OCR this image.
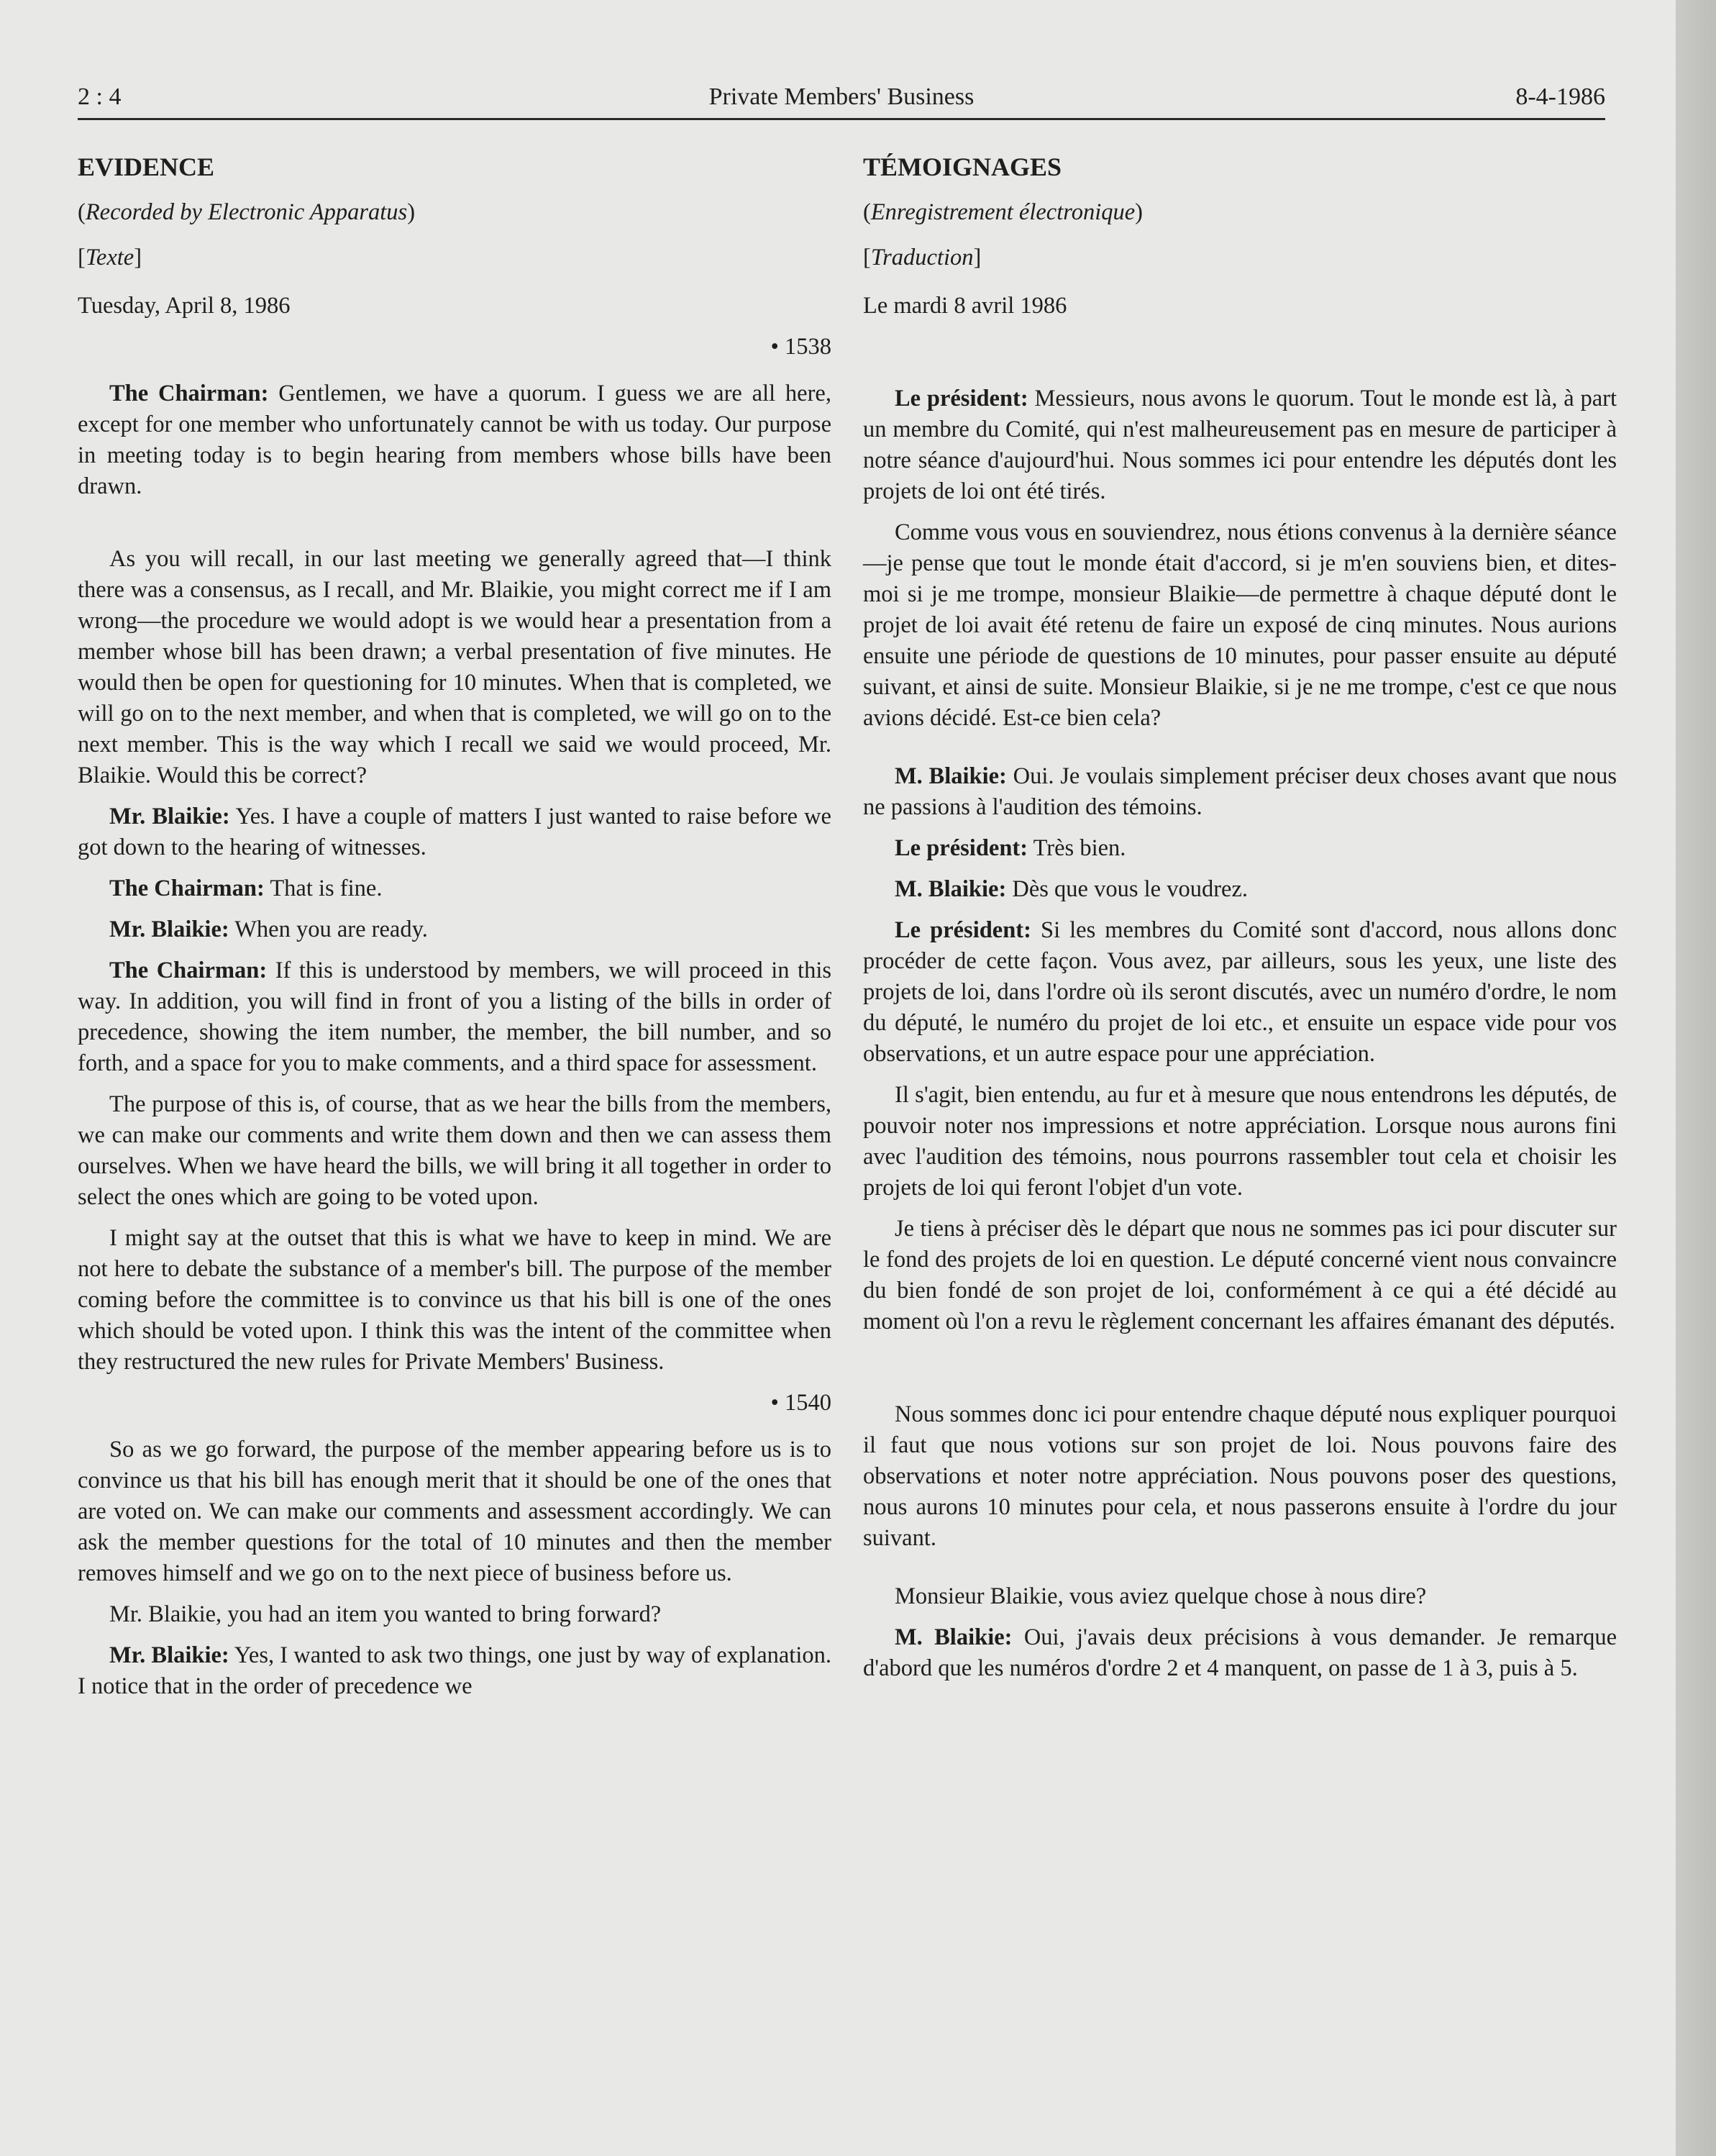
2 : 4	Private Members' Business	8-4-1986
EVIDENCE
(Recorded by Electronic Apparatus)
[Texte]
Tuesday, April 8, 1986
• 1538

The Chairman: Gentlemen, we have a quorum. I guess we are all here, except for one member who unfortunately cannot be with us today. Our purpose in meeting today is to begin hearing from members whose bills have been drawn.

As you will recall, in our last meeting we generally agreed that—I think there was a consensus, as I recall, and Mr. Blaikie, you might correct me if I am wrong—the procedure we would adopt is we would hear a presentation from a member whose bill has been drawn; a verbal presentation of five minutes. He would then be open for questioning for 10 minutes. When that is completed, we will go on to the next member, and when that is completed, we will go on to the next member. This is the way which I recall we said we would proceed, Mr. Blaikie. Would this be correct?

Mr. Blaikie: Yes. I have a couple of matters I just wanted to raise before we got down to the hearing of witnesses.

The Chairman: That is fine.

Mr. Blaikie: When you are ready.

The Chairman: If this is understood by members, we will proceed in this way. In addition, you will find in front of you a listing of the bills in order of precedence, showing the item number, the member, the bill number, and so forth, and a space for you to make comments, and a third space for assessment.

The purpose of this is, of course, that as we hear the bills from the members, we can make our comments and write them down and then we can assess them ourselves. When we have heard the bills, we will bring it all together in order to select the ones which are going to be voted upon.

I might say at the outset that this is what we have to keep in mind. We are not here to debate the substance of a member's bill. The purpose of the member coming before the committee is to convince us that his bill is one of the ones which should be voted upon. I think this was the intent of the committee when they restructured the new rules for Private Members' Business.

• 1540

So as we go forward, the purpose of the member appearing before us is to convince us that his bill has enough merit that it should be one of the ones that are voted on. We can make our comments and assessment accordingly. We can ask the member questions for the total of 10 minutes and then the member removes himself and we go on to the next piece of business before us.

Mr. Blaikie, you had an item you wanted to bring forward?

Mr. Blaikie: Yes, I wanted to ask two things, one just by way of explanation. I notice that in the order of precedence we

TÉMOIGNAGES
(Enregistrement électronique)
[Traduction]
Le mardi 8 avril 1986

Le président: Messieurs, nous avons le quorum. Tout le monde est là, à part un membre du Comité, qui n'est malheureusement pas en mesure de participer à notre séance d'aujourd'hui. Nous sommes ici pour entendre les députés dont les projets de loi ont été tirés.

Comme vous vous en souviendrez, nous étions convenus à la dernière séance—je pense que tout le monde était d'accord, si je m'en souviens bien, et dites-moi si je me trompe, monsieur Blaikie—de permettre à chaque député dont le projet de loi avait été retenu de faire un exposé de cinq minutes. Nous aurions ensuite une période de questions de 10 minutes, pour passer ensuite au député suivant, et ainsi de suite. Monsieur Blaikie, si je ne me trompe, c'est ce que nous avions décidé. Est-ce bien cela?

M. Blaikie: Oui. Je voulais simplement préciser deux choses avant que nous ne passions à l'audition des témoins.

Le président: Très bien.

M. Blaikie: Dès que vous le voudrez.

Le président: Si les membres du Comité sont d'accord, nous allons donc procéder de cette façon. Vous avez, par ailleurs, sous les yeux, une liste des projets de loi, dans l'ordre où ils seront discutés, avec un numéro d'ordre, le nom du député, le numéro du projet de loi etc., et ensuite un espace vide pour vos observations, et un autre espace pour une appréciation.

Il s'agit, bien entendu, au fur et à mesure que nous entendrons les députés, de pouvoir noter nos impressions et notre appréciation. Lorsque nous aurons fini avec l'audition des témoins, nous pourrons rassembler tout cela et choisir les projets de loi qui feront l'objet d'un vote.

Je tiens à préciser dès le départ que nous ne sommes pas ici pour discuter sur le fond des projets de loi en question. Le député concerné vient nous convaincre du bien fondé de son projet de loi, conformément à ce qui a été décidé au moment où l'on a revu le règlement concernant les affaires émanant des députés.

Nous sommes donc ici pour entendre chaque député nous expliquer pourquoi il faut que nous votions sur son projet de loi. Nous pouvons faire des observations et noter notre appréciation. Nous pouvons poser des questions, nous aurons 10 minutes pour cela, et nous passerons ensuite à l'ordre du jour suivant.

Monsieur Blaikie, vous aviez quelque chose à nous dire?

M. Blaikie: Oui, j'avais deux précisions à vous demander. Je remarque d'abord que les numéros d'ordre 2 et 4 manquent, on passe de 1 à 3, puis à 5.
